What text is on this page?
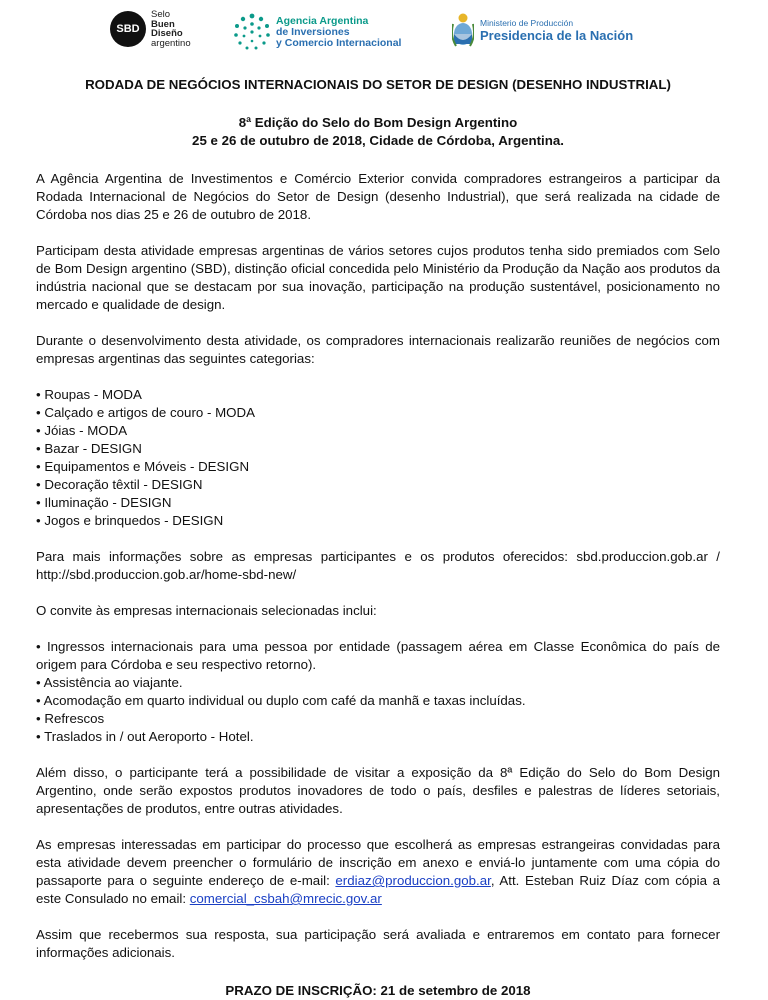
SBD
Selo
Buen
Diseño
argentino
Agencia Argentina
de Inversiones
y Comercio Internacional
Ministerio de Producción
Presidencia de la Nación
RODADA DE NEGÓCIOS INTERNACIONAIS DO SETOR DE DESIGN (DESENHO INDUSTRIAL)
8ª Edição do Selo do Bom Design Argentino
25 e 26 de outubro de 2018, Cidade de Córdoba, Argentina.

A Agência Argentina de Investimentos e Comércio Exterior convida compradores estrangeiros a participar da Rodada Internacional de Negócios do Setor de Design (desenho Industrial), que será realizada na cidade de Córdoba nos dias 25 e 26 de outubro de 2018.

Participam desta atividade empresas argentinas de vários setores cujos produtos tenha sido premiados com Selo de Bom Design argentino (SBD), distinção oficial concedida pelo Ministério da Produção da Nação aos produtos da indústria nacional que se destacam por sua inovação, participação na produção sustentável, posicionamento no mercado e qualidade de design.

Durante o desenvolvimento desta atividade, os compradores internacionais realizarão reuniões de negócios com empresas argentinas das seguintes categorias:

• Roupas - MODA
• Calçado e artigos de couro - MODA
• Jóias - MODA
• Bazar - DESIGN
• Equipamentos e Móveis - DESIGN
• Decoração têxtil - DESIGN
• Iluminação - DESIGN
• Jogos e brinquedos - DESIGN

Para mais informações sobre as empresas participantes e os produtos oferecidos: sbd.produccion.gob.ar / http://sbd.produccion.gob.ar/home-sbd-new/

O convite às empresas internacionais selecionadas inclui:

• Ingressos internacionais para uma pessoa por entidade (passagem aérea em Classe Econômica do país de origem para Córdoba e seu respectivo retorno).

• Assistência ao viajante.
• Acomodação em quarto individual ou duplo com café da manhã e taxas incluídas.
• Refrescos
• Traslados in / out Aeroporto - Hotel.

Além disso, o participante terá a possibilidade de visitar a exposição da 8ª Edição do Selo do Bom Design Argentino, onde serão expostos produtos inovadores de todo o país, desfiles e palestras de líderes setoriais, apresentações de produtos, entre outras atividades.

As empresas interessadas em participar do processo que escolherá as empresas estrangeiras convidadas para esta atividade devem preencher o formulário de inscrição em anexo e enviá-lo juntamente com uma cópia do passaporte para o seguinte endereço de e-mail: erdiaz@produccion.gob.ar, Att. Esteban Ruiz Díaz com cópia a este Consulado no email: comercial_csbah@mrecic.gov.ar

Assim que recebermos sua resposta, sua participação será avaliada e entraremos em contato para fornecer informações adicionais.

PRAZO DE INSCRIÇÃO: 21 de setembro de 2018
